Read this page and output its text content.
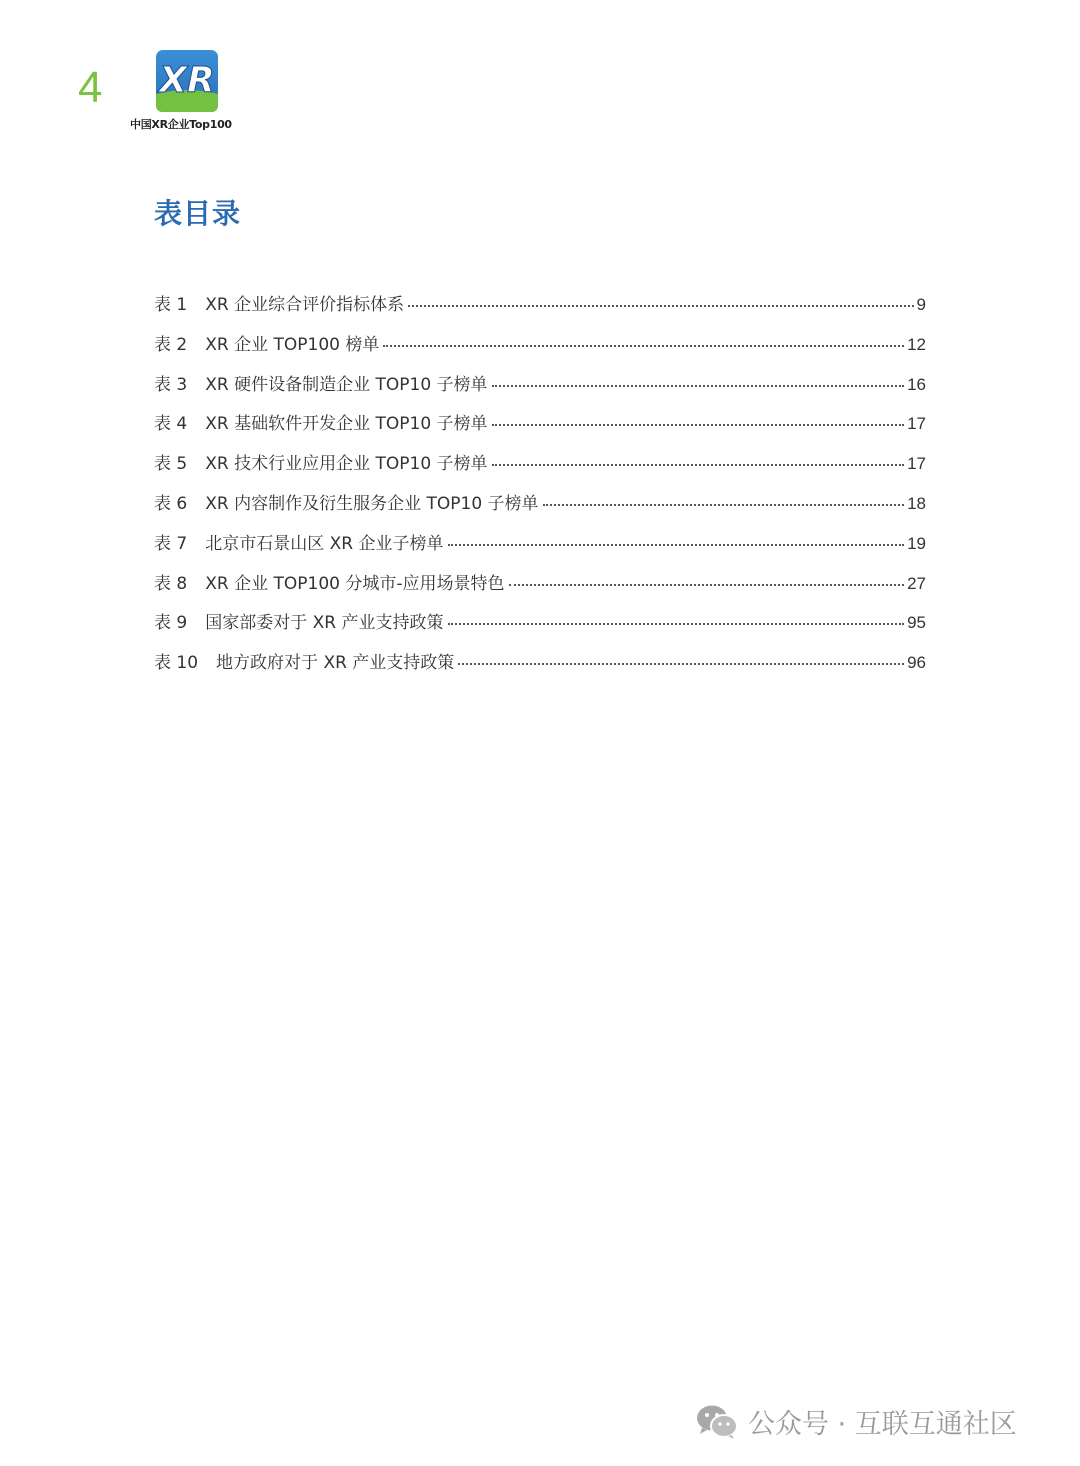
4 XR
中国XR企业Top100
表目录
表 1 XR 企业综合评价指标体系	9
表 2 XR 企业 TOP100 榜单	12
表 3 XR 硬件设备制造企业 TOP10 子榜单	16
表 4 XR 基础软件开发企业 TOP10 子榜单	17
表 5 XR 技术行业应用企业 TOP10 子榜单	17
表 6 XR 内容制作及衍生服务企业 TOP10 子榜单	18
表 7 北京市石景山区 XR 企业子榜单	19
表 8 XR 企业 TOP100 分城市-应用场景特色	27
表 9 国家部委对于 XR 产业支持政策	95
表 10 地方政府对于 XR 产业支持政策	96
公众号 · 互联互通社区
